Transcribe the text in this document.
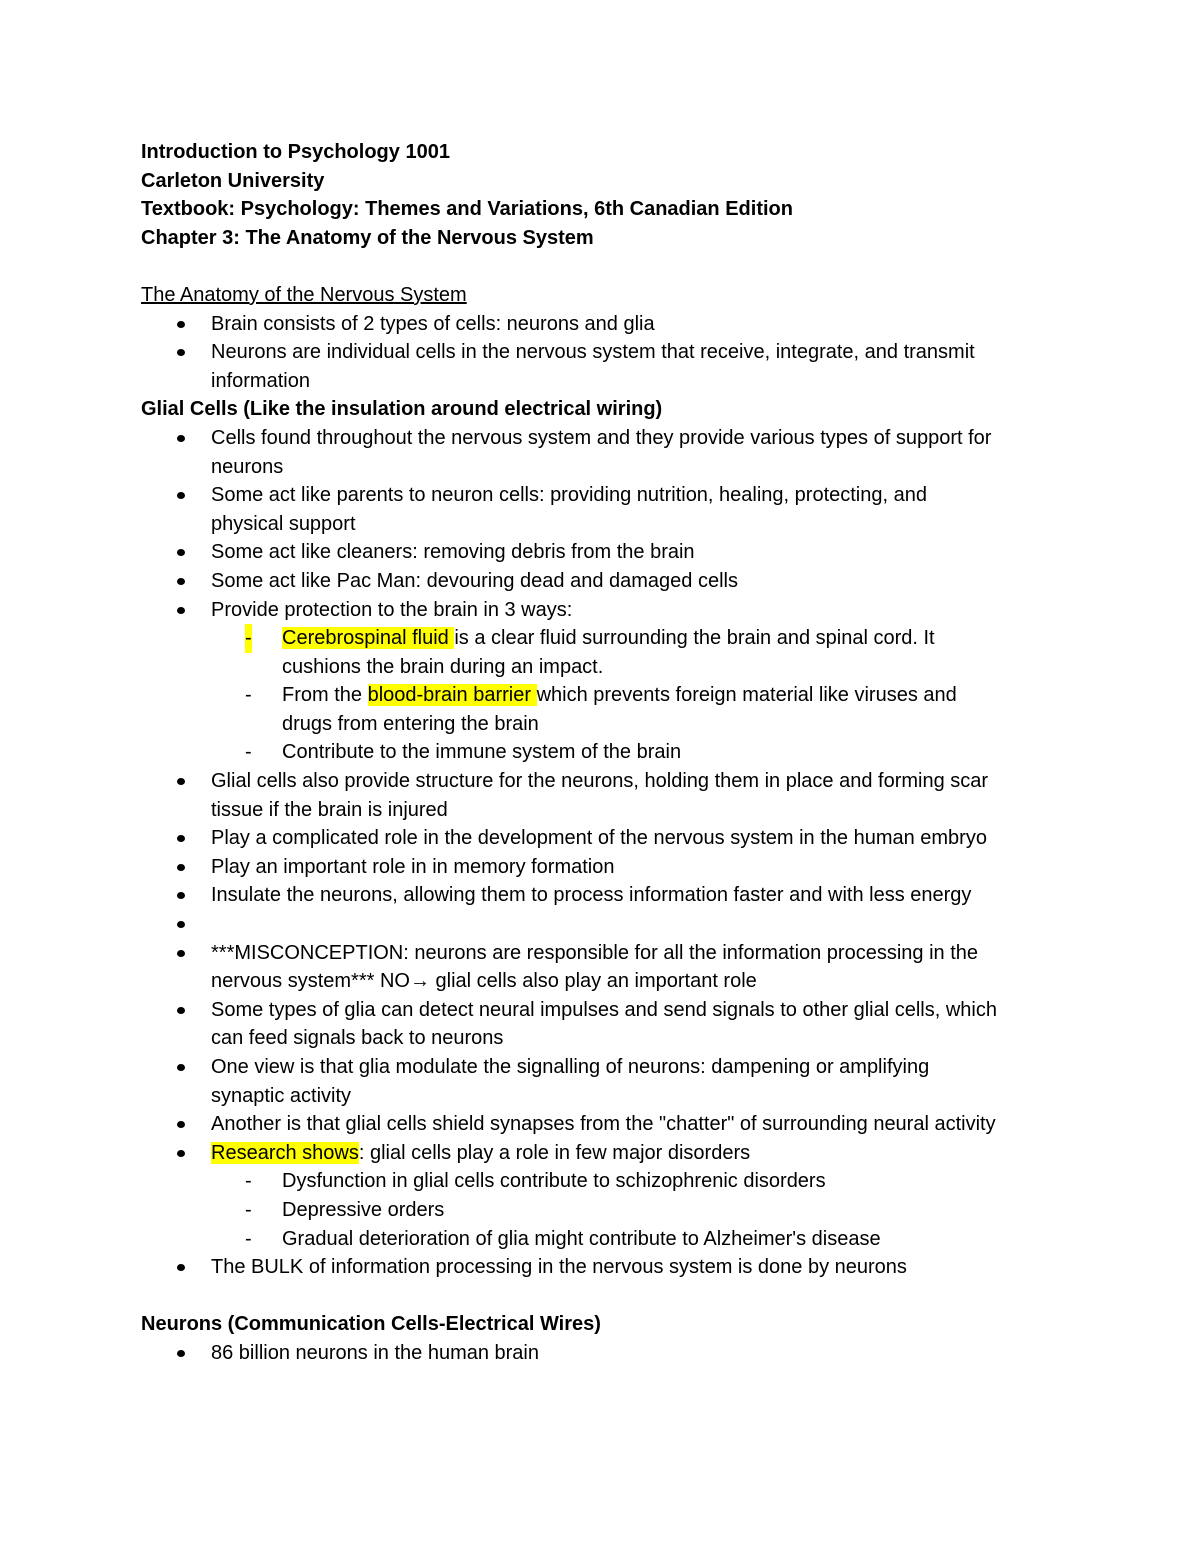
Introduction to Psychology 1001
Carleton University
Textbook: Psychology: Themes and Variations, 6th Canadian Edition
Chapter 3: The Anatomy of the Nervous System
The Anatomy of the Nervous System
Brain consists of 2 types of cells: neurons and glia
Neurons are individual cells in the nervous system that receive, integrate, and transmit
information
Glial Cells (Like the insulation around electrical wiring)
Cells found throughout the nervous system and they provide various types of support for
neurons
Some act like parents to neuron cells: providing nutrition, healing, protecting, and
physical support
Some act like cleaners: removing debris from the brain
Some act like Pac Man: devouring dead and damaged cells
Provide protection to the brain in 3 ways:
- Cerebrospinal fluid is a clear fluid surrounding the brain and spinal cord. It
cushions the brain during an impact.
- From the blood-brain barrier which prevents foreign material like viruses and
drugs from entering the brain
- Contribute to the immune system of the brain
Glial cells also provide structure for the neurons, holding them in place and forming scar
tissue if the brain is injured
Play a complicated role in the development of the nervous system in the human embryo
Play an important role in in memory formation
Insulate the neurons, allowing them to process information faster and with less energy

***MISCONCEPTION: neurons are responsible for all the information processing in the
nervous system*** NO→ glial cells also play an important role
Some types of glia can detect neural impulses and send signals to other glial cells, which
can feed signals back to neurons
One view is that glia modulate the signalling of neurons: dampening or amplifying
synaptic activity
Another is that glial cells shield synapses from the "chatter" of surrounding neural activity
Research shows: glial cells play a role in few major disorders
- Dysfunction in glial cells contribute to schizophrenic disorders
- Depressive orders
- Gradual deterioration of glia might contribute to Alzheimer's disease
The BULK of information processing in the nervous system is done by neurons
Neurons (Communication Cells-Electrical Wires)
86 billion neurons in the human brain
